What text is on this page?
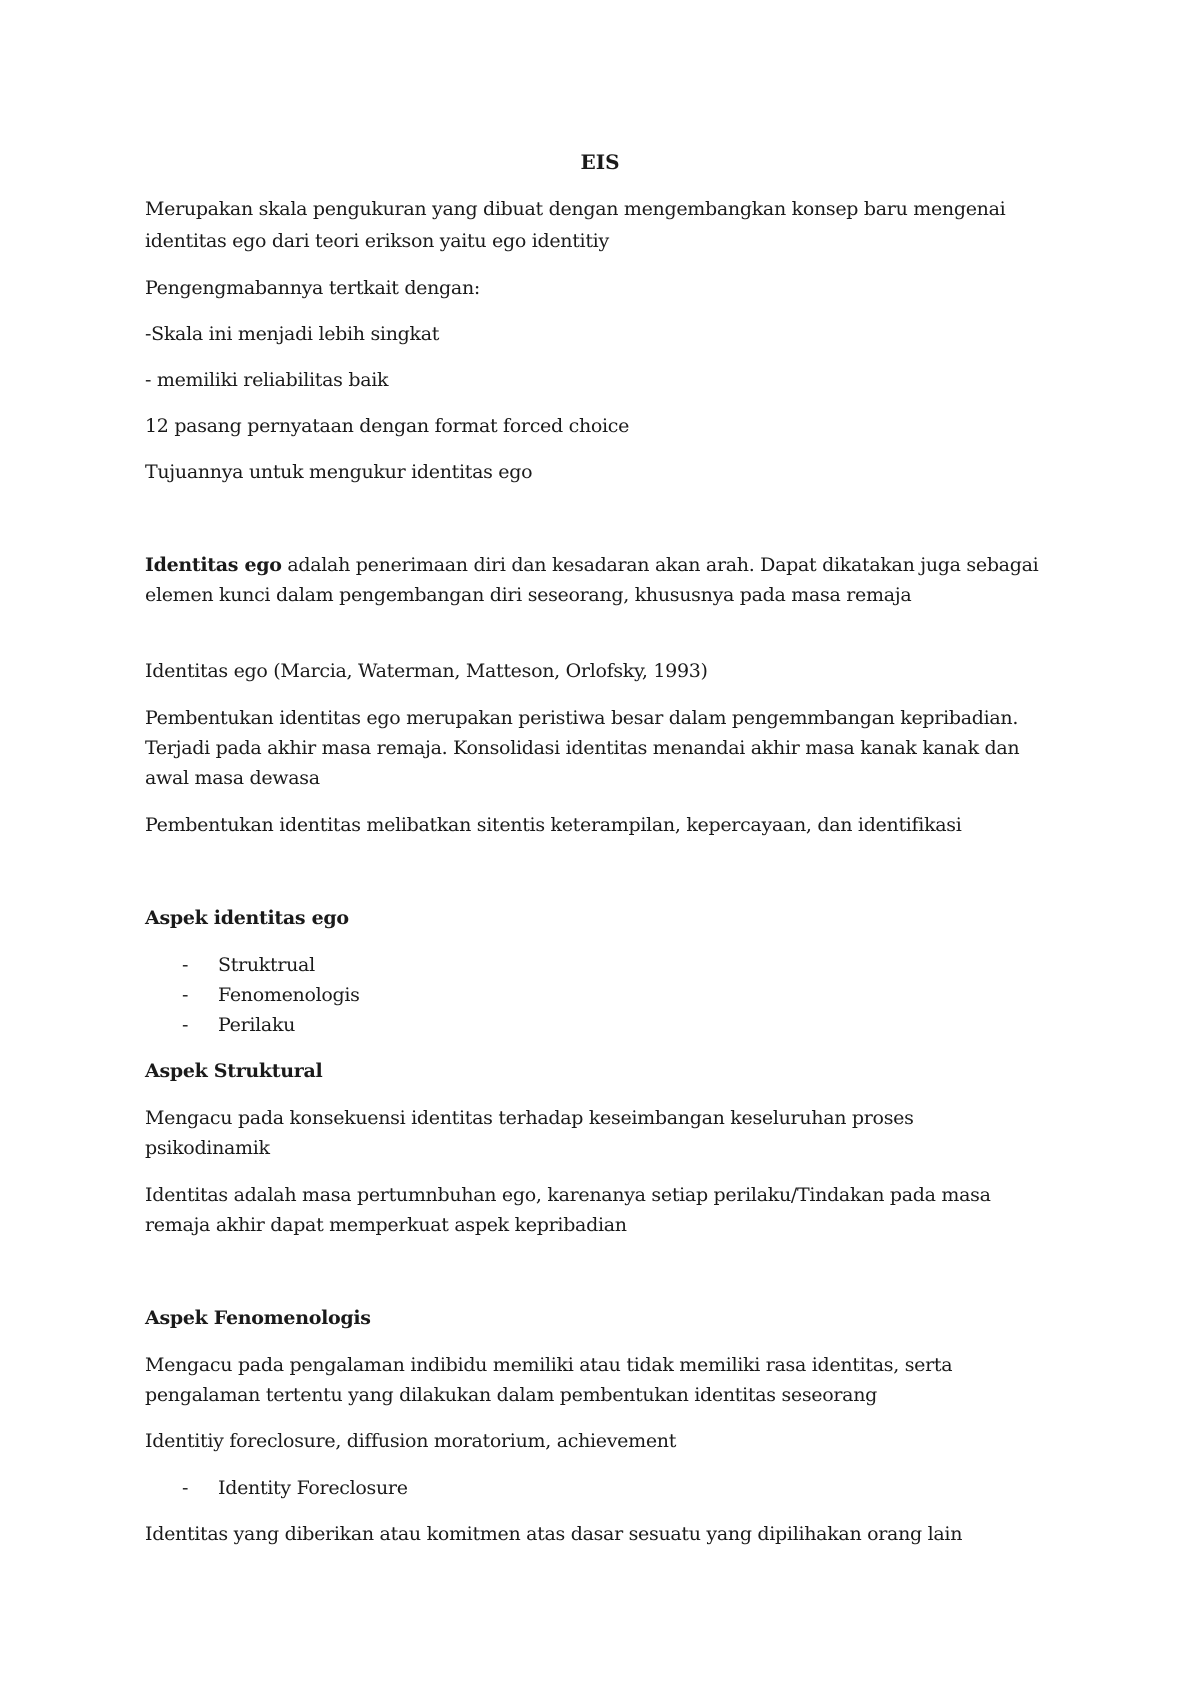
EIS

Merupakan skala pengukuran yang dibuat dengan mengembangkan konsep baru mengenai

identitas ego dari teori erikson yaitu ego identitiy

Pengengmabannya tertkait dengan:

-Skala ini menjadi lebih singkat

- memiliki reliabilitas baik

12 pasang pernyataan dengan format forced choice

Tujuannya untuk mengukur identitas ego

Identitas ego adalah penerimaan diri dan kesadaran akan arah. Dapat dikatakan juga sebagai

elemen kunci dalam pengembangan diri seseorang, khususnya pada masa remaja

Identitas ego (Marcia, Waterman, Matteson, Orlofsky, 1993)

Pembentukan identitas ego merupakan peristiwa besar dalam pengemmbangan kepribadian.

Terjadi pada akhir masa remaja. Konsolidasi identitas menandai akhir masa kanak kanak dan

awal masa dewasa

Pembentukan identitas melibatkan sitentis keterampilan, kepercayaan, dan identifikasi

Aspek identitas ego

- Struktrual
- Fenomenologis
- Perilaku

Aspek Struktural

Mengacu pada konsekuensi identitas terhadap keseimbangan keseluruhan proses

psikodinamik

Identitas adalah masa pertumnbuhan ego, karenanya setiap perilaku/Tindakan pada masa

remaja akhir dapat memperkuat aspek kepribadian

Aspek Fenomenologis

Mengacu pada pengalaman indibidu memiliki atau tidak memiliki rasa identitas, serta

pengalaman tertentu yang dilakukan dalam pembentukan identitas seseorang

Identitiy foreclosure, diffusion moratorium, achievement

- Identity Foreclosure

Identitas yang diberikan atau komitmen atas dasar sesuatu yang dipilihakan orang lain
